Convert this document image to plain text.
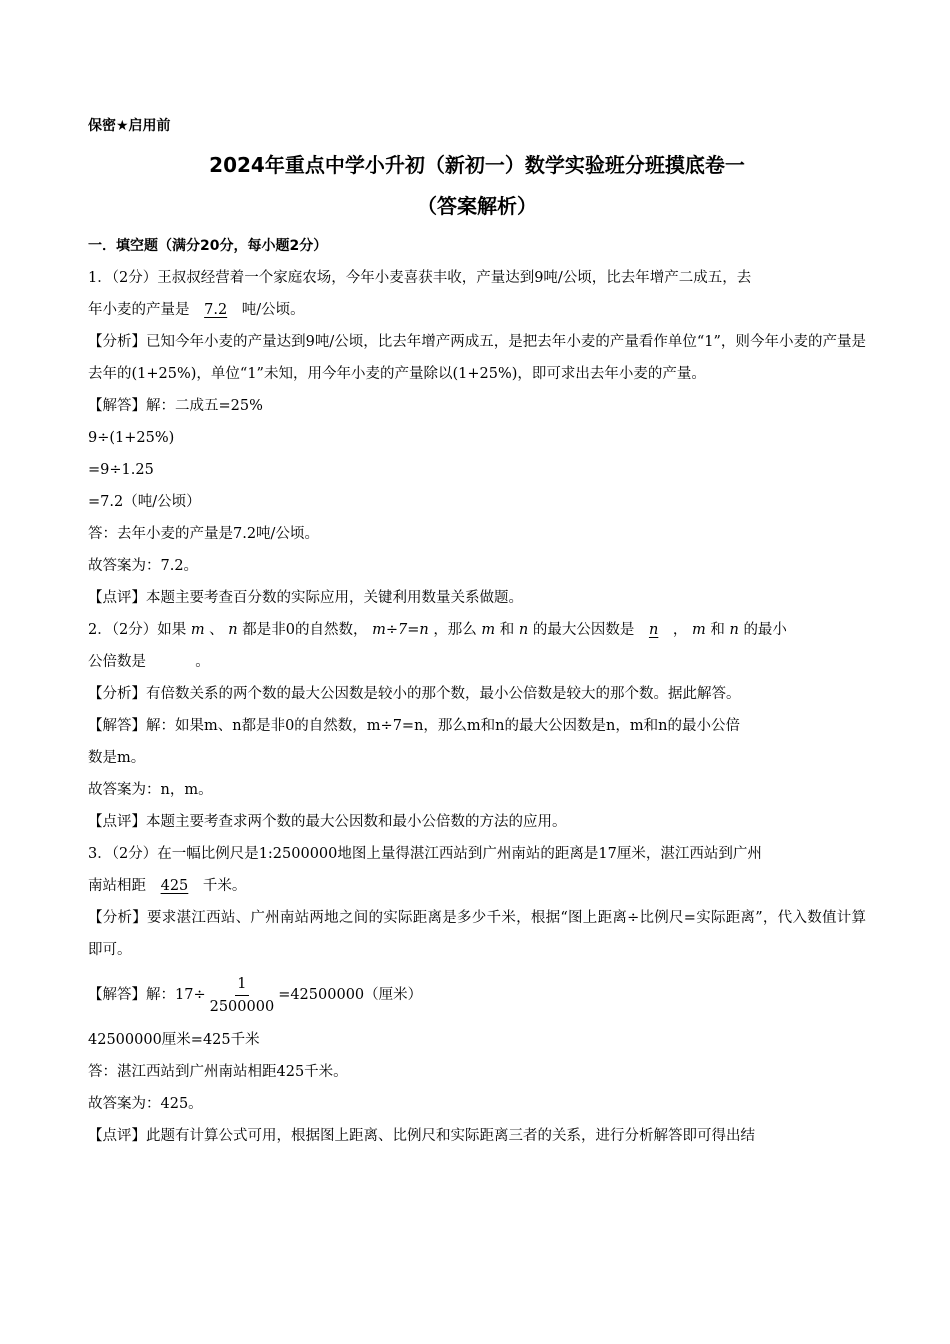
保密★启用前
2024年重点中学小升初（新初一）数学实验班分班摸底卷一
（答案解析）
一．填空题（满分20分，每小题2分）
1．（2分）王叔叔经营着一个家庭农场，今年小麦喜获丰收，产量达到9吨/公顷，比去年增产二成五，去
年小麦的产量是 7.2 吨/公顷。
【分析】已知今年小麦的产量达到9吨/公顷，比去年增产两成五，是把去年小麦的产量看作单位“1”，则今年小麦的产量是去年的(1+25%)，单位“1”未知，用今年小麦的产量除以(1+25%)，即可求出去年小麦的产量。
【解答】解：二成五=25%
9÷(1+25%)
=9÷1.25
=7.2（吨/公顷）
答：去年小麦的产量是7.2吨/公顷。
故答案为：7.2。
【点评】本题主要考查百分数的实际应用，关键利用数量关系做题。
2．（2分）如果 m 、 n 都是非0的自然数， m÷7=n ，那么 m 和 n 的最大公因数是 n ， m 和 n 的最小
公倍数是	。
【分析】有倍数关系的两个数的最大公因数是较小的那个数，最小公倍数是较大的那个数。据此解答。
【解答】解：如果m、n都是非0的自然数，m÷7=n，那么m和n的最大公因数是n，m和n的最小公倍
数是m。
故答案为：n，m。
【点评】本题主要考查求两个数的最大公因数和最小公倍数的方法的应用。
3．（2分）在一幅比例尺是1:2500000地图上量得湛江西站到广州南站的距离是17厘米，湛江西站到广州
南站相距 425 千米。
【分析】要求湛江西站、广州南站两地之间的实际距离是多少千米，根据“图上距离÷比例尺=实际距离”，代入数值计算即可。
【解答】解： $17\div \frac{1}{2500000} =42500000$（厘米）
42500000厘米=425千米
答：湛江西站到广州南站相距425千米。
故答案为：425。
【点评】此题有计算公式可用，根据图上距离、比例尺和实际距离三者的关系，进行分析解答即可得出结
